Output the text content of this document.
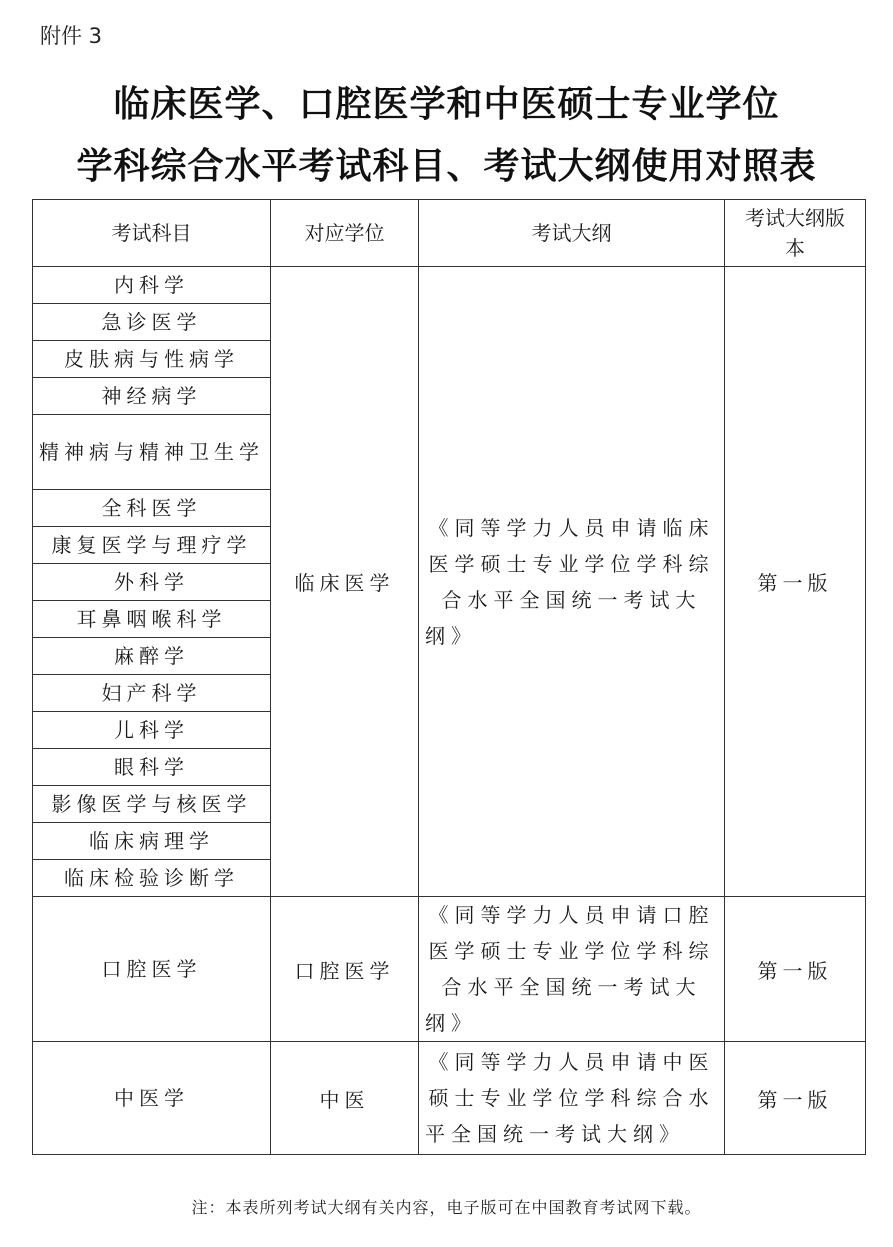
附件 3
临床医学、口腔医学和中医硕士专业学位
学科综合水平考试科目、考试大纲使用对照表
考试科目	对应学位	考试大纲	考试大纲版本
内科学	临床医学	《同等学力人员申请临床医学硕士专业学位学科综合水平全国统一考试大纲》	第一版
急诊医学			
皮肤病与性病学			
神经病学			
精神病与精神卫生学			
全科医学			
康复医学与理疗学			
外科学			
耳鼻咽喉科学			
麻醉学			
妇产科学			
儿科学			
眼科学			
影像医学与核医学			
临床病理学			
临床检验诊断学			
口腔医学	口腔医学	《同等学力人员申请口腔医学硕士专业学位学科综合水平全国统一考试大纲》	第一版
中医学	中医	《同等学力人员申请中医硕士专业学位学科综合水平全国统一考试大纲》	第一版
注：本表所列考试大纲有关内容，电子版可在中国教育考试网下载。
